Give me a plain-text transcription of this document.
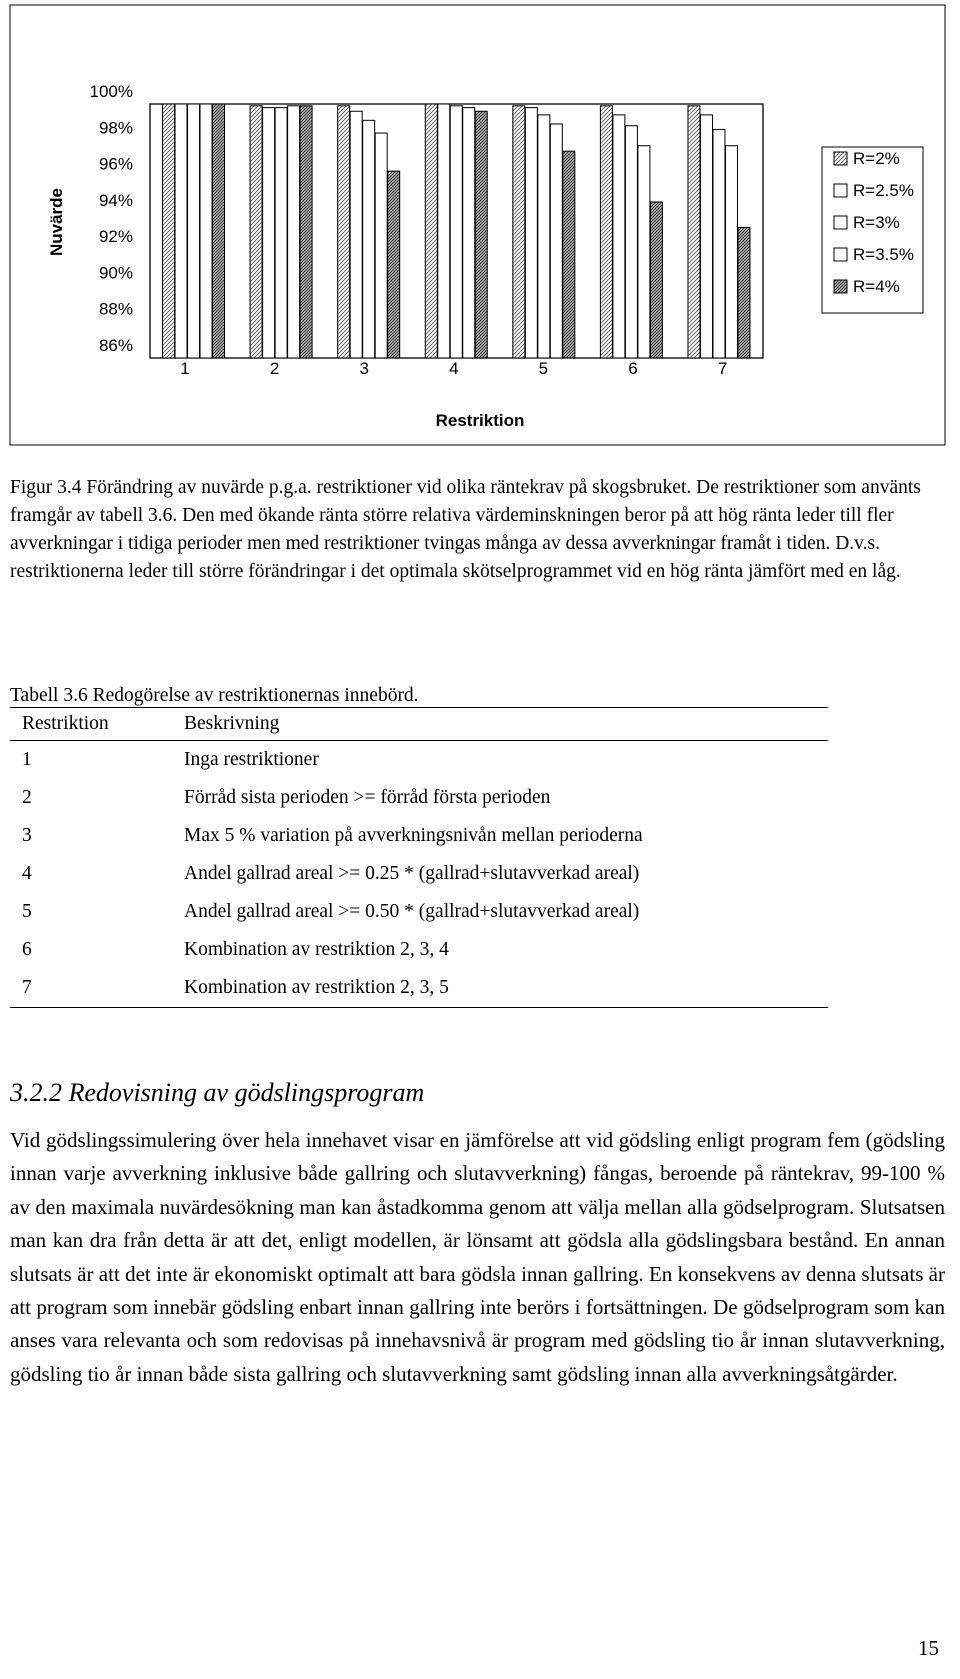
Nuvärde
Restriktion
100%
98%
96%
94%
92%
90%
88%
86%
1	2	3	4	5	6	7
R=2%
R=2.5%
R=3%
R=3.5%
R=4%

Figur 3.4 Förändring av nuvärde p.g.a. restriktioner vid olika räntekrav på skogsbruket. De restriktioner som använts framgår av tabell 3.6. Den med ökande ränta större relativa värdeminskningen beror på att hög ränta leder till fler avverkningar i tidiga perioder men med restriktioner tvingas många av dessa avverkningar framåt i tiden. D.v.s. restriktionerna leder till större förändringar i det optimala skötselprogrammet vid en hög ränta jämfört med en låg.

Tabell 3.6 Redogörelse av restriktionernas innebörd.
Restriktion	Beskrivning
1	Inga restriktioner
2	Förråd sista perioden >= förråd första perioden
3	Max 5 % variation på avverkningsnivån mellan perioderna
4	Andel gallrad areal >= 0.25 * (gallrad+slutavverkad areal)
5	Andel gallrad areal >= 0.50 * (gallrad+slutavverkad areal)
6	Kombination av restriktion 2, 3, 4
7	Kombination av restriktion 2, 3, 5
3.2.2 Redovisning av gödslingsprogram

Vid gödslingssimulering över hela innehavet visar en jämförelse att vid gödsling enligt program fem (gödsling innan varje avverkning inklusive både gallring och slutavverkning) fångas, beroende på räntekrav, 99-100 % av den maximala nuvärdesökning man kan åstadkomma genom att välja mellan alla gödselprogram. Slutsatsen man kan dra från detta är att det, enligt modellen, är lönsamt att gödsla alla gödslingsbara bestånd. En annan slutsats är att det inte är ekonomiskt optimalt att bara gödsla innan gallring. En konsekvens av denna slutsats är att program som innebär gödsling enbart innan gallring inte berörs i fortsättningen. De gödselprogram som kan anses vara relevanta och som redovisas på innehavsnivå är program med gödsling tio år innan slutavverkning, gödsling tio år innan både sista gallring och slutavverkning samt gödsling innan alla avverkningsåtgärder.

15
